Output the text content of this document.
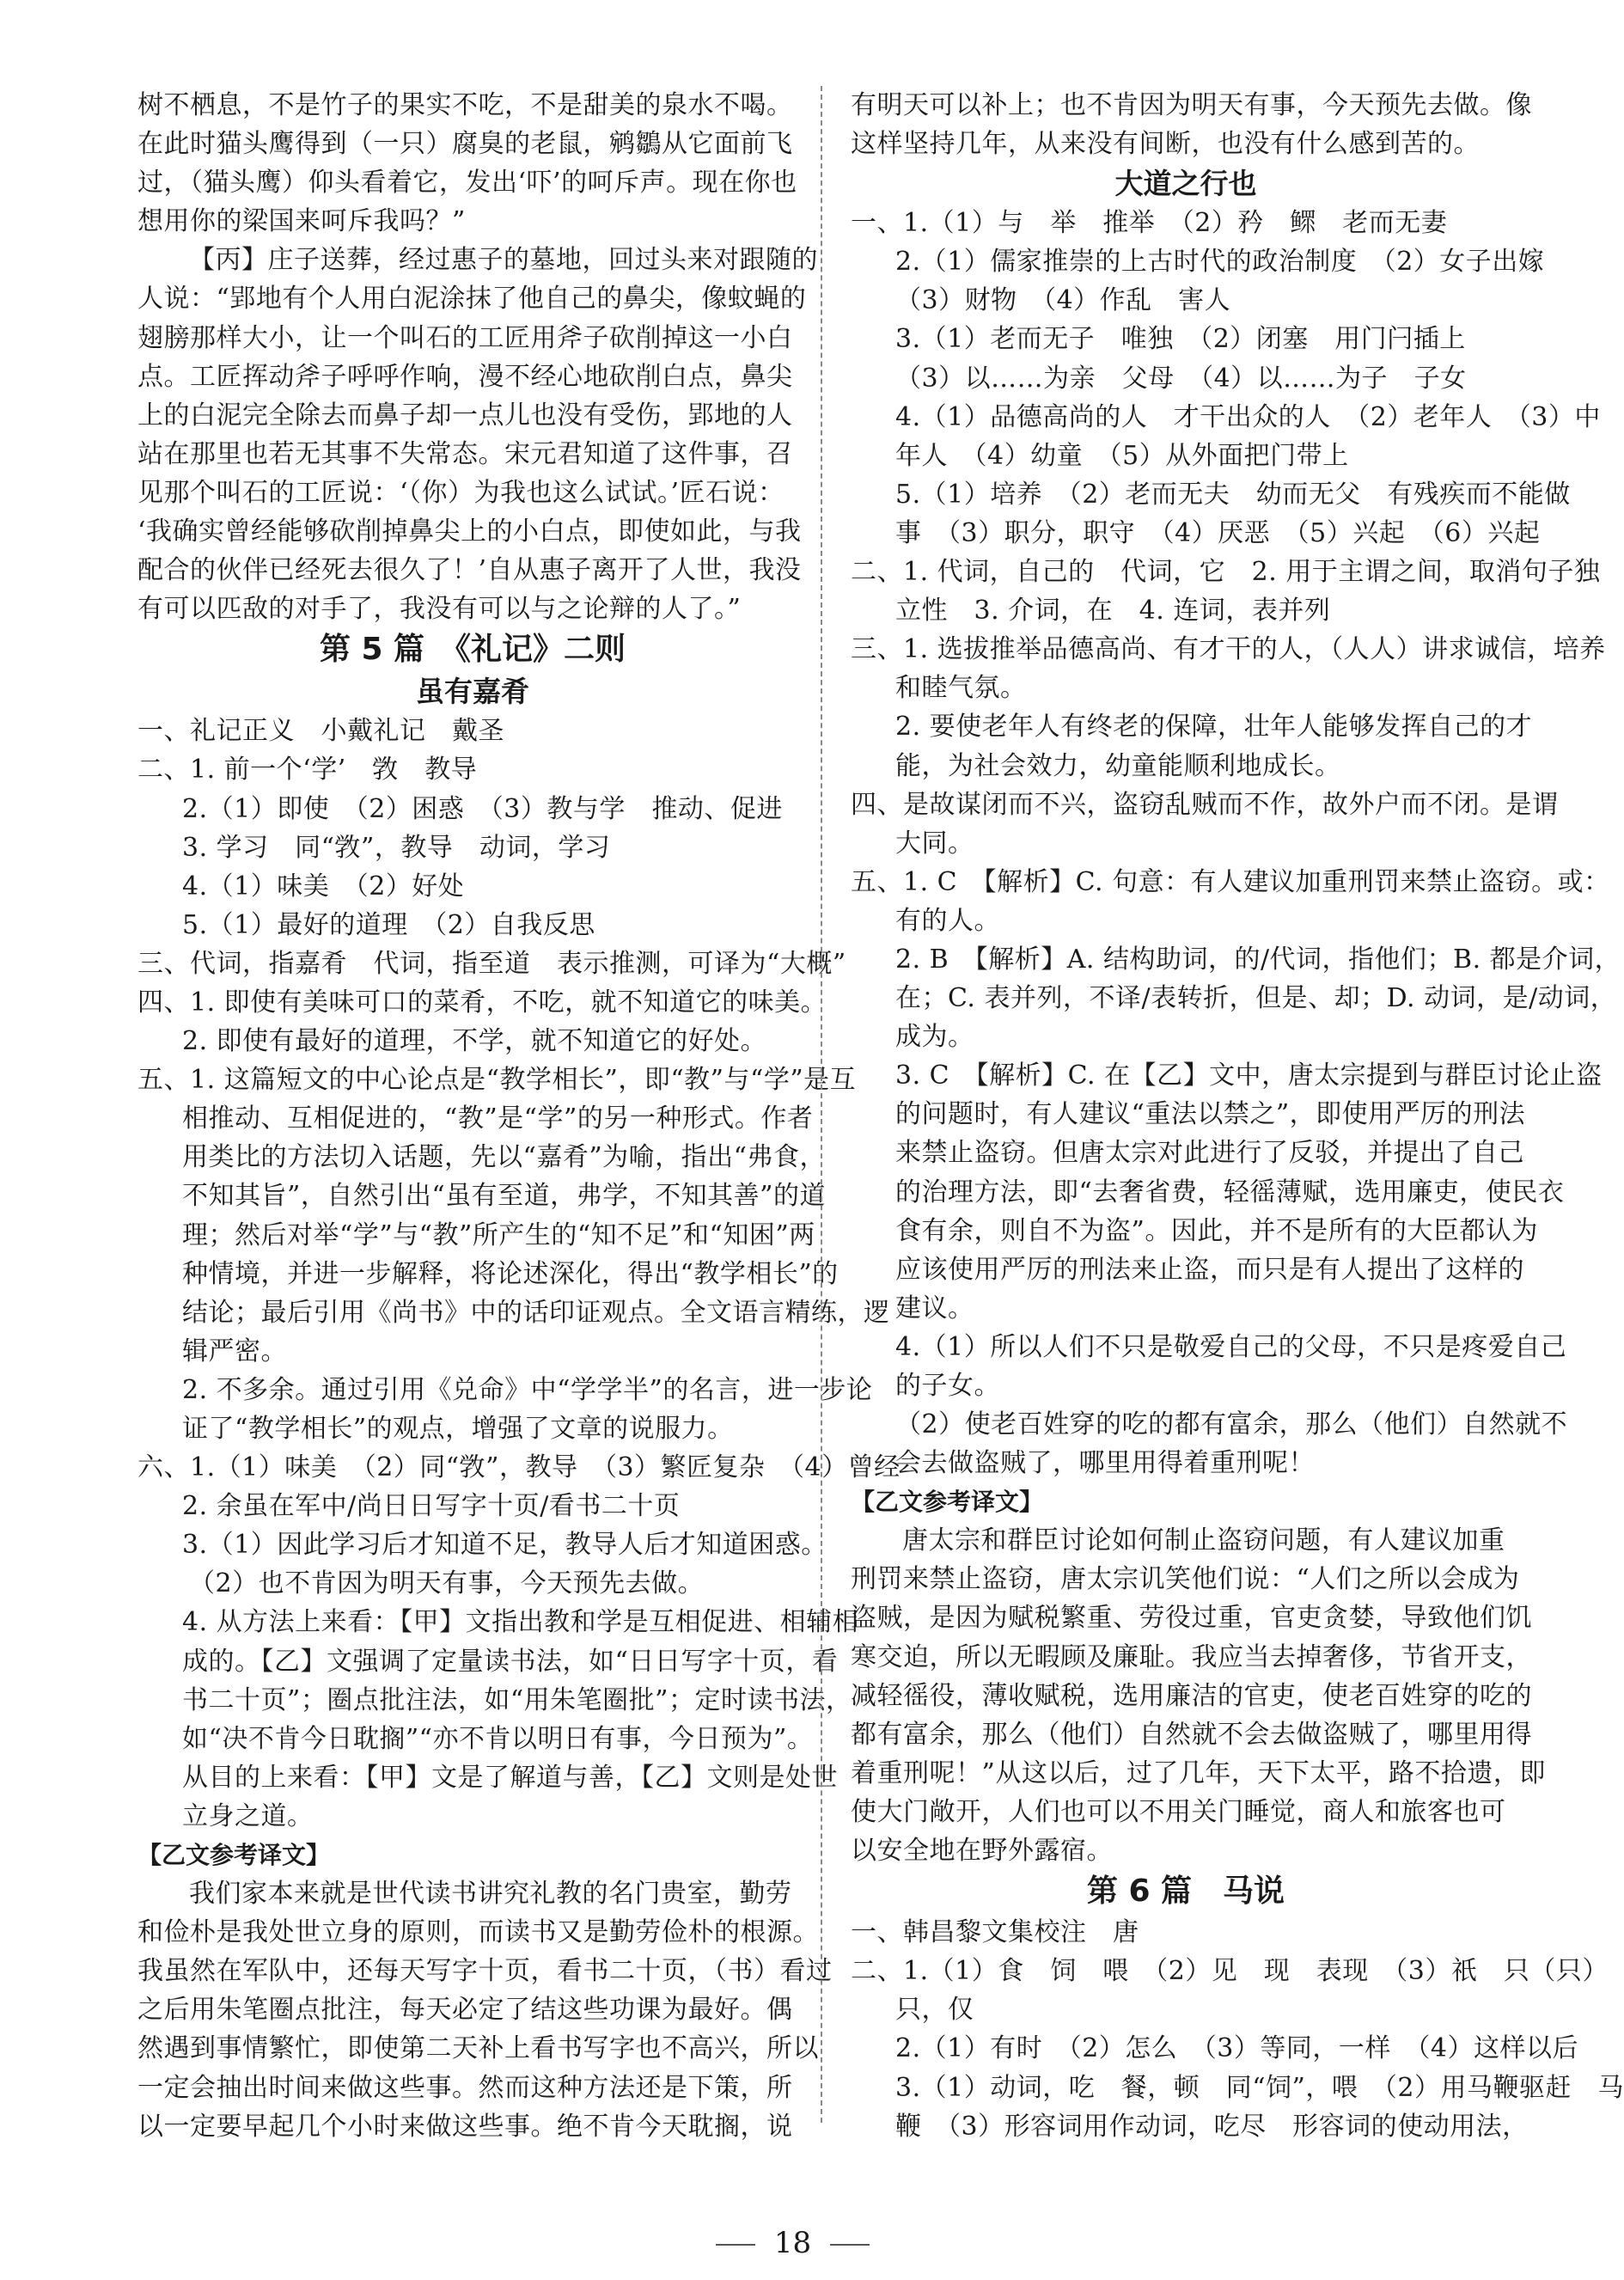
树不栖息，不是竹子的果实不吃，不是甜美的泉水不喝。
在此时猫头鹰得到（一只）腐臭的老鼠，鹓鶵从它面前飞
过，（猫头鹰）仰头看着它，发出‘吓’的呵斥声。现在你也
想用你的梁国来呵斥我吗？”
【丙】庄子送葬，经过惠子的墓地，回过头来对跟随的
人说：“郢地有个人用白泥涂抹了他自己的鼻尖，像蚊蝇的
翅膀那样大小，让一个叫石的工匠用斧子砍削掉这一小白
点。工匠挥动斧子呼呼作响，漫不经心地砍削白点，鼻尖
上的白泥完全除去而鼻子却一点儿也没有受伤，郢地的人
站在那里也若无其事不失常态。宋元君知道了这件事，召
见那个叫石的工匠说：‘（你）为我也这么试试。’匠石说：
‘我确实曾经能够砍削掉鼻尖上的小白点，即使如此，与我
配合的伙伴已经死去很久了！’自从惠子离开了人世，我没
有可以匹敌的对手了，我没有可以与之论辩的人了。”
第 5 篇　《礼记》二则
虽有嘉肴
一、礼记正义　小戴礼记　戴圣
二、1. 前一个‘学’　敩　教导
2.（1）即使　（2）困惑　（3）教与学　推动、促进
3. 学习　同“敩”，教导　动词，学习
4.（1）味美　（2）好处
5.（1）最好的道理　（2）自我反思
三、代词，指嘉肴　代词，指至道　表示推测，可译为“大概”
四、1. 即使有美味可口的菜肴，不吃，就不知道它的味美。
2. 即使有最好的道理，不学，就不知道它的好处。
五、1. 这篇短文的中心论点是“教学相长”，即“教”与“学”是互
相推动、互相促进的，“教”是“学”的另一种形式。作者
用类比的方法切入话题，先以“嘉肴”为喻，指出“弗食，
不知其旨”，自然引出“虽有至道，弗学，不知其善”的道
理；然后对举“学”与“教”所产生的“知不足”和“知困”两
种情境，并进一步解释，将论述深化，得出“教学相长”的
结论；最后引用《尚书》中的话印证观点。全文语言精练，逻
辑严密。
2. 不多余。通过引用《兑命》中“学学半”的名言，进一步论
证了“教学相长”的观点，增强了文章的说服力。
六、1.（1）味美　（2）同“敩”，教导　（3）繁匠复杂　（4）曾经
2. 余虽在军中/尚日日写字十页/看书二十页
3.（1）因此学习后才知道不足，教导人后才知道困惑。
（2）也不肯因为明天有事，今天预先去做。
4. 从方法上来看：【甲】文指出教和学是互相促进、相辅相
成的。【乙】文强调了定量读书法，如“日日写字十页，看
书二十页”；圈点批注法，如“用朱笔圈批”；定时读书法，
如“决不肯今日耽搁”“亦不肯以明日有事，今日预为”。
从目的上来看：【甲】文是了解道与善，【乙】文则是处世
立身之道。
【乙文参考译文】
我们家本来就是世代读书讲究礼教的名门贵室，勤劳
和俭朴是我处世立身的原则，而读书又是勤劳俭朴的根源。
我虽然在军队中，还每天写字十页，看书二十页，（书）看过
之后用朱笔圈点批注，每天必定了结这些功课为最好。偶
然遇到事情繁忙，即使第二天补上看书写字也不高兴，所以
一定会抽出时间来做这些事。然而这种方法还是下策，所
以一定要早起几个小时来做这些事。绝不肯今天耽搁，说
有明天可以补上；也不肯因为明天有事，今天预先去做。像
这样坚持几年，从来没有间断，也没有什么感到苦的。
大道之行也
一、1.（1）与　举　推举　（2）矜　鳏　老而无妻
2.（1）儒家推崇的上古时代的政治制度　（2）女子出嫁
（3）财物　（4）作乱　害人
3.（1）老而无子　唯独　（2）闭塞　用门闩插上
（3）以……为亲　父母　（4）以……为子　子女
4.（1）品德高尚的人　才干出众的人　（2）老年人　（3）中
年人　（4）幼童　（5）从外面把门带上
5.（1）培养　（2）老而无夫　幼而无父　有残疾而不能做
事　（3）职分，职守　（4）厌恶　（5）兴起　（6）兴起
二、1. 代词，自己的　代词，它　2. 用于主谓之间，取消句子独
立性　3. 介词，在　4. 连词，表并列
三、1. 选拔推举品德高尚、有才干的人，（人人）讲求诚信，培养
和睦气氛。
2. 要使老年人有终老的保障，壮年人能够发挥自己的才
能，为社会效力，幼童能顺利地成长。
四、是故谋闭而不兴，盗窃乱贼而不作，故外户而不闭。是谓
大同。
五、1. C　【解析】C. 句意：有人建议加重刑罚来禁止盗窃。或：
有的人。
2. B　【解析】A. 结构助词，的/代词，指他们；B. 都是介词，
在；C. 表并列，不译/表转折，但是、却；D. 动词，是/动词，
成为。
3. C　【解析】C. 在【乙】文中，唐太宗提到与群臣讨论止盗
的问题时，有人建议“重法以禁之”，即使用严厉的刑法
来禁止盗窃。但唐太宗对此进行了反驳，并提出了自己
的治理方法，即“去奢省费，轻徭薄赋，选用廉吏，使民衣
食有余，则自不为盗”。因此，并不是所有的大臣都认为
应该使用严厉的刑法来止盗，而只是有人提出了这样的
建议。
4.（1）所以人们不只是敬爱自己的父母，不只是疼爱自己
的子女。
（2）使老百姓穿的吃的都有富余，那么（他们）自然就不
会去做盗贼了，哪里用得着重刑呢！
【乙文参考译文】
唐太宗和群臣讨论如何制止盗窃问题，有人建议加重
刑罚来禁止盗窃，唐太宗讥笑他们说：“人们之所以会成为
盗贼，是因为赋税繁重、劳役过重，官吏贪婪，导致他们饥
寒交迫，所以无暇顾及廉耻。我应当去掉奢侈，节省开支，
减轻徭役，薄收赋税，选用廉洁的官吏，使老百姓穿的吃的
都有富余，那么（他们）自然就不会去做盗贼了，哪里用得
着重刑呢！”从这以后，过了几年，天下太平，路不拾遗，即
使大门敞开，人们也可以不用关门睡觉，商人和旅客也可
以安全地在野外露宿。
第 6 篇　马说
一、韩昌黎文集校注　唐
二、1.（1）食　饲　喂　（2）见　现　表现　（3）祇　只（只）
只，仅
2.（1）有时　（2）怎么　（3）等同，一样　（4）这样以后
3.（1）动词，吃　餐，顿　同“饲”，喂　（2）用马鞭驱赶　马
鞭　（3）形容词用作动词，吃尽　形容词的使动用法，
18
